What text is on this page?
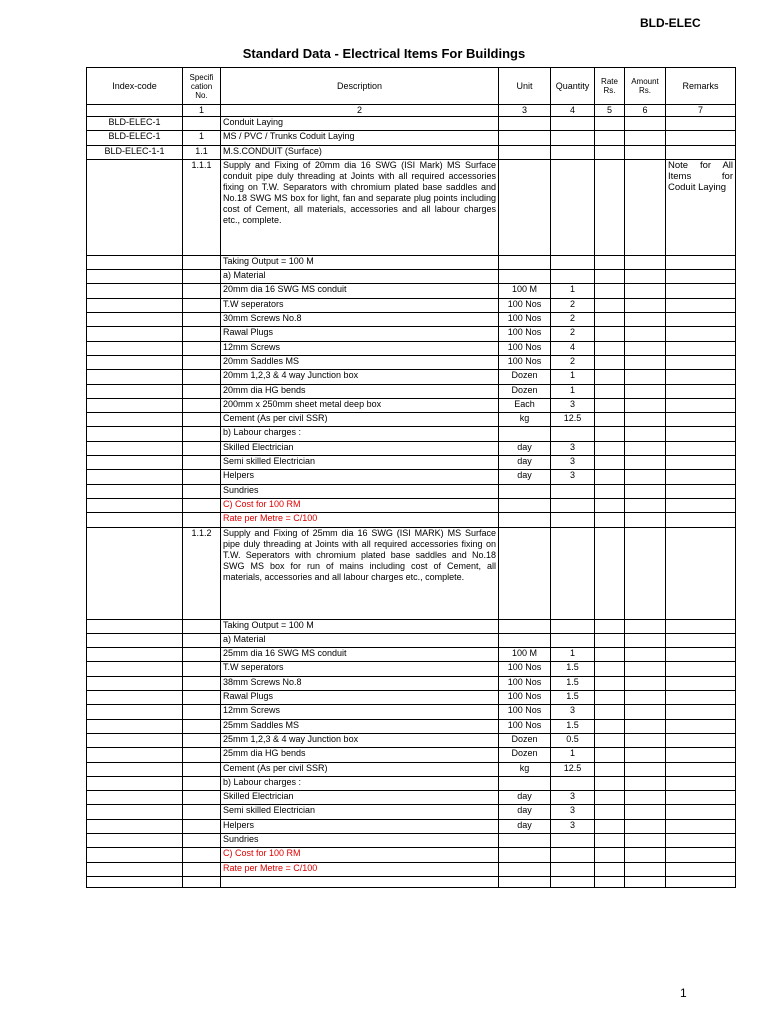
BLD-ELEC
Standard Data - Electrical Items For Buildings
Index-code	Specifi cation No.	Description	Unit	Quantity	Rate Rs.	Amount Rs.	Remarks
	1	2	3	4	5	6	7
BLD-ELEC-1		Conduit Laying					
BLD-ELEC-1	1	MS / PVC / Trunks Coduit Laying					
BLD-ELEC-1-1	1.1	M.S.CONDUIT (Surface)					
	1.1.1	Supply and Fixing of 20mm dia 16 SWG (ISI Mark) MS Surface conduit pipe duly threading at Joints with all required accessories fixing on T.W. Separators with chromium plated base saddles and No.18 SWG MS box for light, fan and separate plug points including cost of Cement, all materials, accessories and all labour charges etc., complete.					Note for All Items for Coduit Laying
		Taking Output = 100 M					
		a) Material					
		20mm dia 16 SWG MS conduit	100 M	1			
		T.W seperators	100 Nos	2			
		30mm Screws No.8	100 Nos	2			
		Rawal Plugs	100 Nos	2			
		12mm Screws	100 Nos	4			
		20mm Saddles MS	100 Nos	2			
		20mm 1,2,3 & 4 way Junction box	Dozen	1			
		20mm dia HG bends	Dozen	1			
		200mm x 250mm sheet metal deep box	Each	3			
		Cement (As per civil SSR)	kg	12.5			
		b) Labour charges :					
		Skilled Electrician	day	3			
		Semi skilled Electrician	day	3			
		Helpers	day	3			
		Sundries					
		C) Cost for 100 RM					
		Rate per Metre = C/100					
	1.1.2	Supply and Fixing of 25mm dia 16 SWG (ISI MARK) MS Surface pipe duly threading at Joints with all required accessories fixing on T.W. Seperators with chromium plated base saddles and No.18 SWG MS box for run of mains including cost of Cement, all materials, accessories and all labour charges etc., complete.					
		Taking Output = 100 M					
		a) Material					
		25mm dia 16 SWG MS conduit	100 M	1			
		T.W seperators	100 Nos	1.5			
		38mm Screws No.8	100 Nos	1.5			
		Rawal Plugs	100 Nos	1.5			
		12mm Screws	100 Nos	3			
		25mm Saddles MS	100 Nos	1.5			
		25mm 1,2,3 & 4 way Junction box	Dozen	0.5			
		25mm dia HG bends	Dozen	1			
		Cement (As per civil SSR)	kg	12.5			
		b) Labour charges :					
		Skilled Electrician	day	3			
		Semi skilled Electrician	day	3			
		Helpers	day	3			
		Sundries					
		C) Cost for 100 RM					
		Rate per Metre = C/100					

1
